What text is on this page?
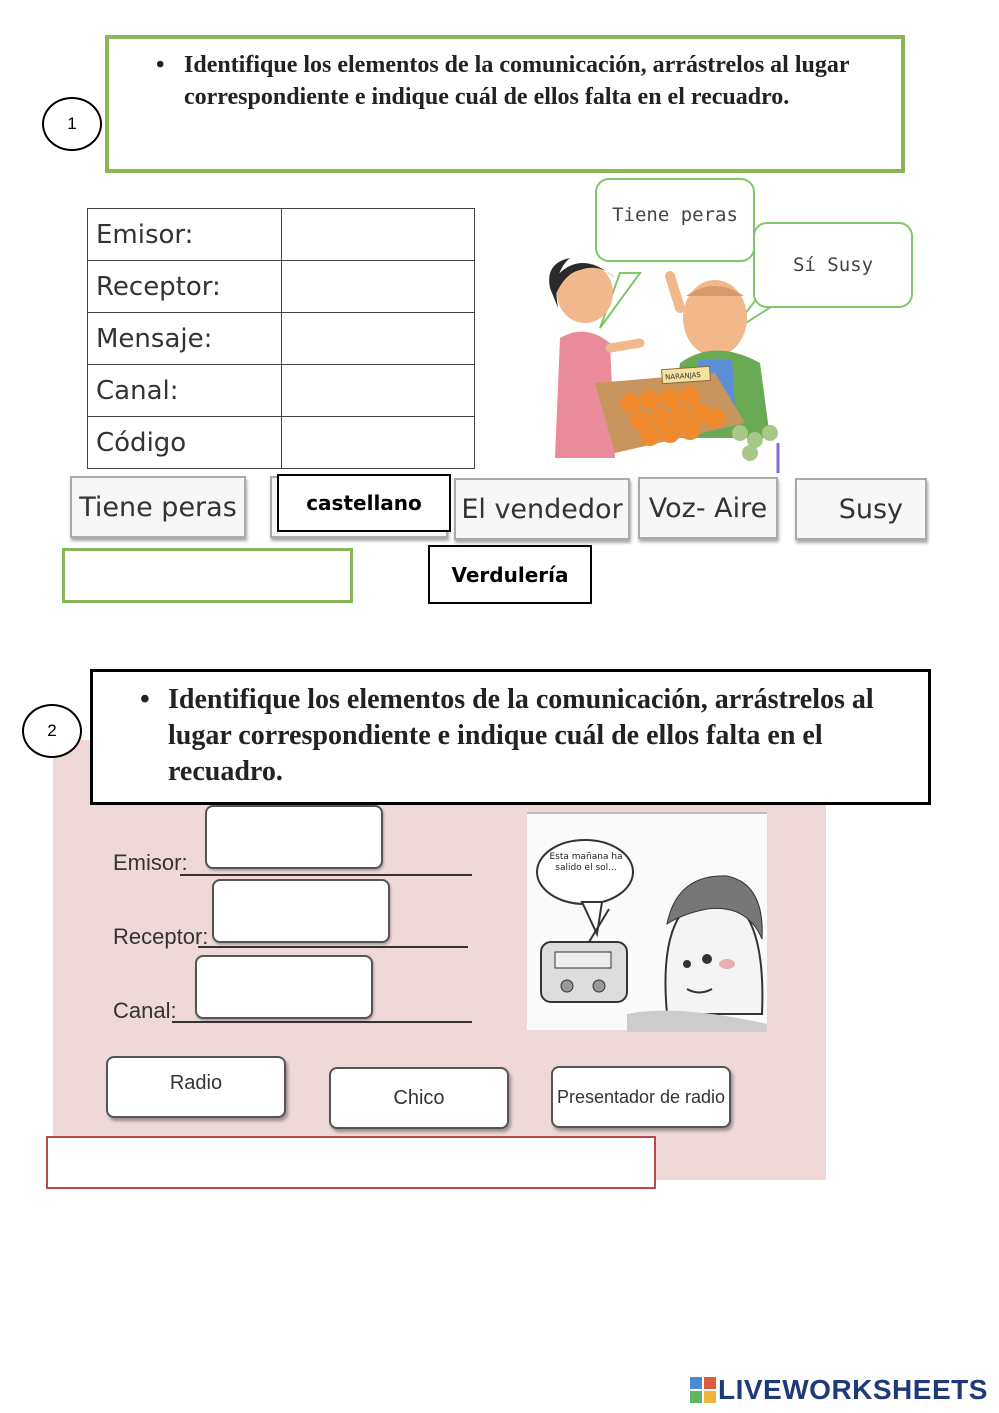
1
• Identifique los elementos de la comunicación, arrástrelos al lugar correspondiente e indique cuál de ellos falta en el recuadro.
Emisor:	
Receptor:	
Mensaje:	
Canal:	
Código	
NARANJAS
Tiene peras
Sí Susy
Tiene peras	El vendedor Voz- Aire	Susy
castellano
Verdulería
2
• Identifique los elementos de la comunicación, arrástrelos al lugar correspondiente e indique cuál de ellos falta en el recuadro.
Emisor:
Receptor:
Canal:
Esta mañana ha salido el sol...
Radio
Chico	Presentador de radio
LIVEWORKSHEETS
